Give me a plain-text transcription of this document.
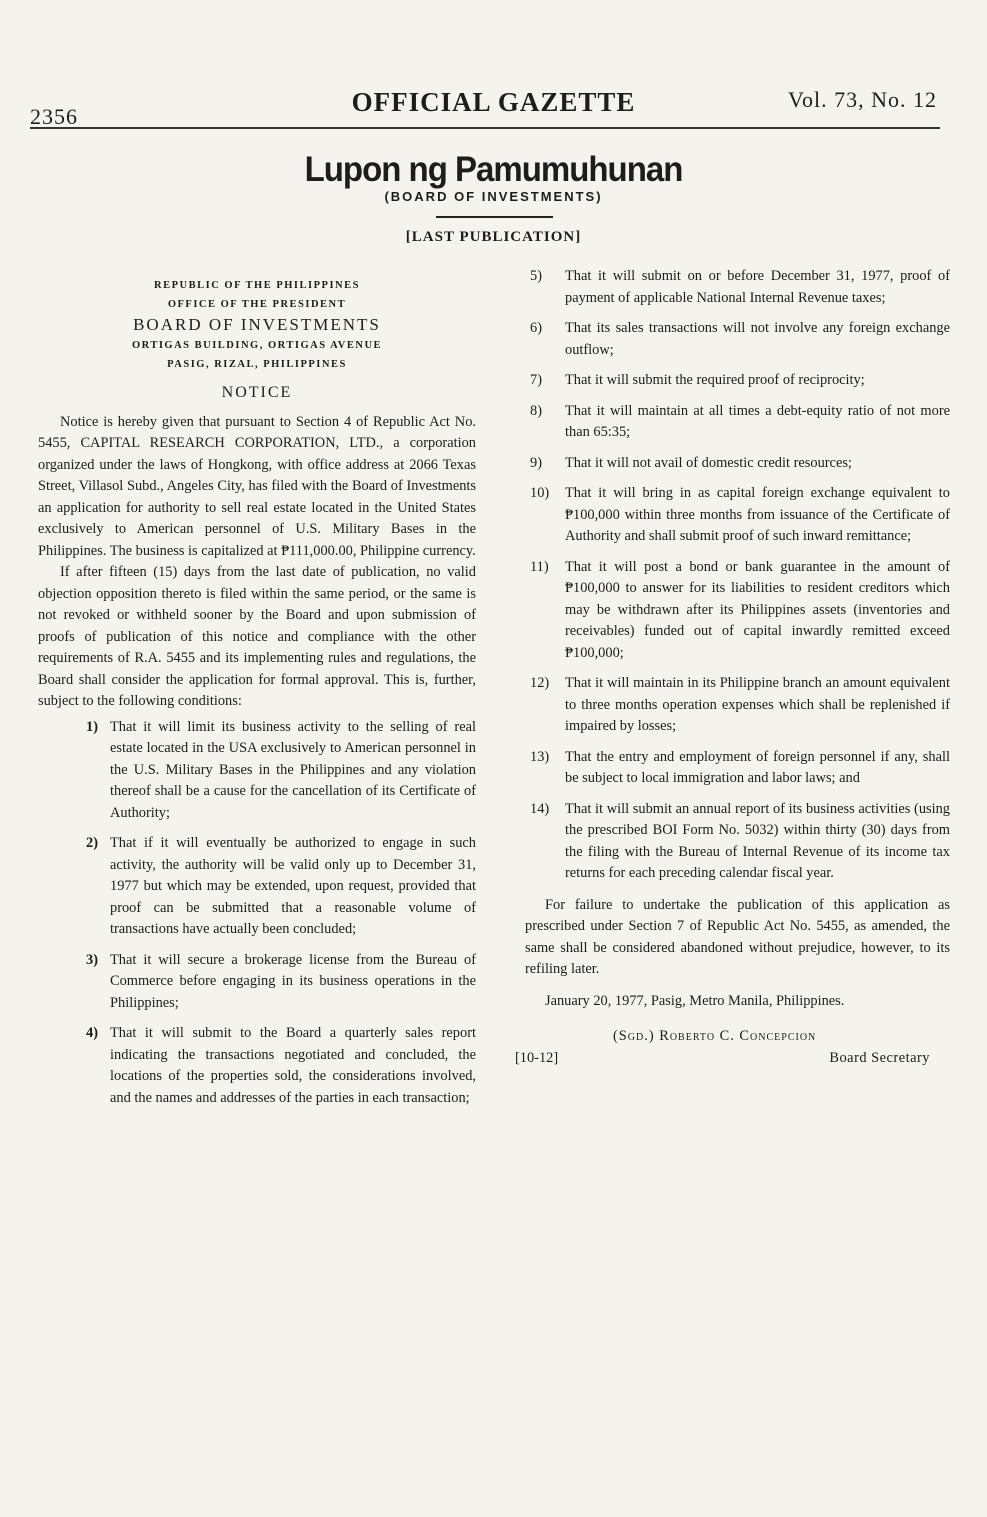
2356	OFFICIAL GAZETTE	Vol. 73, No. 12
Lupon ng Pamumuhunan
(BOARD OF INVESTMENTS)
[LAST PUBLICATION]
REPUBLIC OF THE PHILIPPINES
OFFICE OF THE PRESIDENT
BOARD OF INVESTMENTS
ORTIGAS BUILDING, ORTIGAS AVENUE
PASIG, RIZAL, PHILIPPINES
NOTICE

Notice is hereby given that pursuant to Section 4 of Republic Act No. 5455, CAPITAL RESEARCH CORPORATION, LTD., a corporation organized under the laws of Hongkong, with office address at 2066 Texas Street, Villasol Subd., Angeles City, has filed with the Board of Investments an application for authority to sell real estate located in the United States exclusively to American personnel of U.S. Military Bases in the Philippines. The business is capitalized at ₱111,000.00, Philippine currency.

If after fifteen (15) days from the last date of publication, no valid objection opposition thereto is filed within the same period, or the same is not revoked or withheld sooner by the Board and upon submission of proofs of publication of this notice and compliance with the other requirements of R.A. 5455 and its implementing rules and regulations, the Board shall consider the application for formal approval. This is, further, subject to the following conditions:

1) That it will limit its business activity to the selling of real estate located in the USA exclusively to American personnel in the U.S. Military Bases in the Philippines and any violation thereof shall be a cause for the cancellation of its Certificate of Authority;
2) That if it will eventually be authorized to engage in such activity, the authority will be valid only up to December 31, 1977 but which may be extended, upon request, provided that proof can be submitted that a reasonable volume of transactions have actually been concluded;
3) That it will secure a brokerage license from the Bureau of Commerce before engaging in its business operations in the Philippines;
4) That it will submit to the Board a quarterly sales report indicating the transactions negotiated and concluded, the locations of the properties sold, the considerations involved, and the names and addresses of the parties in each transaction;
5) That it will submit on or before December 31, 1977, proof of payment of applicable National Internal Revenue taxes;
6) That its sales transactions will not involve any foreign exchange outflow;
7) That it will submit the required proof of reciprocity;
8) That it will maintain at all times a debt-equity ratio of not more than 65:35;
9) That it will not avail of domestic credit resources;
10) That it will bring in as capital foreign exchange equivalent to ₱100,000 within three months from issuance of the Certificate of Authority and shall submit proof of such inward remittance;
11) That it will post a bond or bank guarantee in the amount of ₱100,000 to answer for its liabilities to resident creditors which may be withdrawn after its Philippines assets (inventories and receivables) funded out of capital inwardly remitted exceed ₱100,000;
12) That it will maintain in its Philippine branch an amount equivalent to three months operation expenses which shall be replenished if impaired by losses;
13) That the entry and employment of foreign personnel if any, shall be subject to local immigration and labor laws; and
14) That it will submit an annual report of its business activities (using the prescribed BOI Form No. 5032) within thirty (30) days from the filing with the Bureau of Internal Revenue of its income tax returns for each preceding calendar fiscal year.

For failure to undertake the publication of this application as prescribed under Section 7 of Republic Act No. 5455, as amended, the same shall be considered abandoned without prejudice, however, to its refiling later.

January 20, 1977, Pasig, Metro Manila, Philippines.

(Sgd.) Roberto C. Concepcion
[10-12]	Board Secretary
